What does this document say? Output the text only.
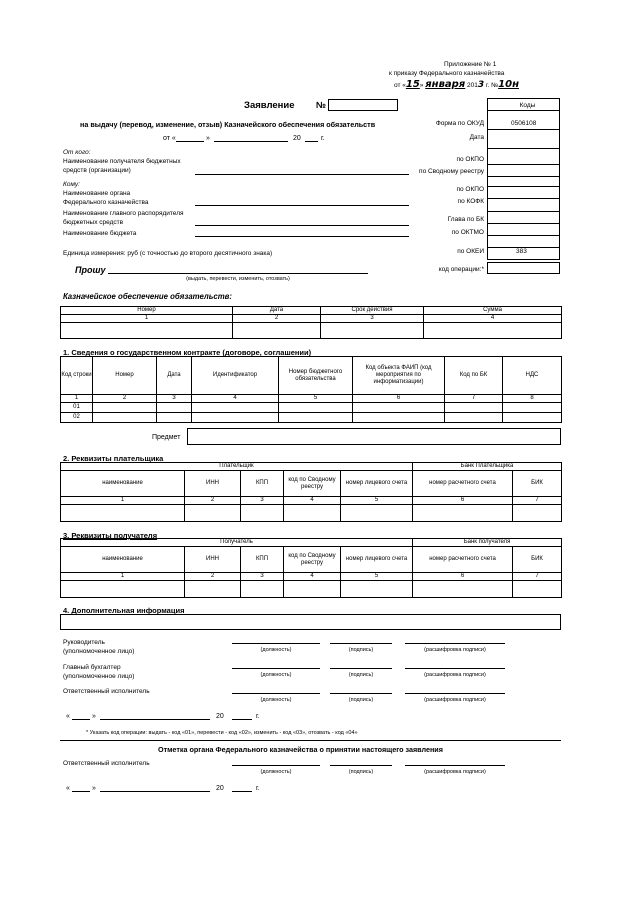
Приложение № 1
к приказу Федерального казначейства
от «15» января 2013 г. №10н
Заявление №
на выдачу (перевод, изменение, отзыв) Казначейского обеспечения обязательств
от «	»	20	г.
Коды
Форма по ОКУД	0506108
Дата
От кого:
Наименование получателя бюджетных
средств (организации)
по ОКПО
по Сводному реестру
Кому:
Наименование органа
Федерального казначейства
по ОКПО
по КОФК
Наименование главного распорядителя
бюджетных средств	Глава по БК
Наименование бюджета	по ОКТМО
Единица измерения: руб (с точностью до второго десятичного знака)	по ОКЕИ	383
Прошу
(выдать, перевести, изменить, отозвать)
код операции:*
Казначейское обеспечение обязательств:
Номер	Дата	Срок действия	Сумма
1	2	3	4

1. Сведения о государственном контракте (договоре, соглашении)
Код строки	Номер	Дата	Идентификатор	Номер бюджетного обязательства	Код объекта ФАИП (код мероприятия по информатизации)	Код по БК	НДС
1	2	3	4	5	6	7	8
01							
02							
Предмет
2. Реквизиты плательщика
Плательщик					Банк Плательщика	
наименование	ИНН	КПП	код по Сводному реестру	номер лицевого счета	номер расчетного счета	БИК
1	2	3	4	5	6	7

3. Реквизиты получателя
Получатель					Банк получателя	
наименование	ИНН	КПП	код по Сводному реестру	номер лицевого счета	номер расчетного счета	БИК
1	2	3	4	5	6	7

4. Дополнительная информация
Руководитель
(уполномоченное лицо)	(должность)	(подпись)	(расшифровка подписи)
Главный бухгалтер
(уполномоченное лицо)	(должность)	(подпись)	(расшифровка подписи)
Ответственный исполнитель
(должность)	(подпись)	(расшифровка подписи)
«	»	20	г.
* Указать код операции: выдать - код «01», перевести - код «02», изменить - код «03», отозвать - код «04»
Отметка органа Федерального казначейства о принятии настоящего заявления
Ответственный исполнитель
(должность)	(подпись)	(расшифровка подписи)
«	»	20	г.
